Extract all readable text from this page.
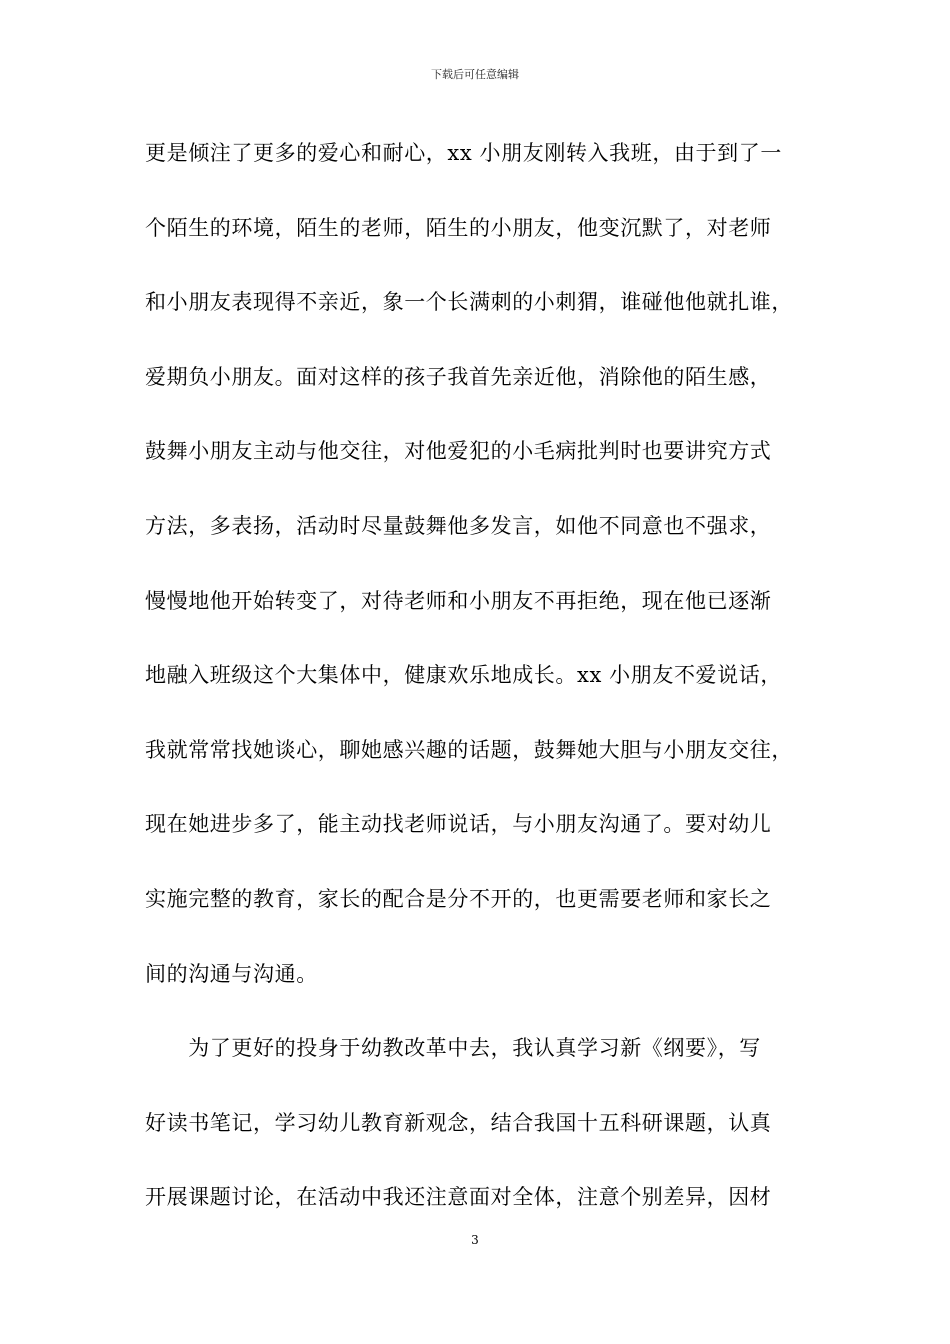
下载后可任意编辑
更是倾注了更多的爱心和耐心，xx 小朋友刚转入我班，由于到了一
个陌生的环境，陌生的老师，陌生的小朋友，他变沉默了，对老师
和小朋友表现得不亲近，象一个长满刺的小刺猬，谁碰他他就扎谁，
爱期负小朋友。面对这样的孩子我首先亲近他，消除他的陌生感，
鼓舞小朋友主动与他交往，对他爱犯的小毛病批判时也要讲究方式
方法，多表扬，活动时尽量鼓舞他多发言，如他不同意也不强求，
慢慢地他开始转变了，对待老师和小朋友不再拒绝，现在他已逐渐
地融入班级这个大集体中，健康欢乐地成长。xx 小朋友不爱说话，
我就常常找她谈心，聊她感兴趣的话题，鼓舞她大胆与小朋友交往，
现在她进步多了，能主动找老师说话，与小朋友沟通了。要对幼儿
实施完整的教育，家长的配合是分不开的，也更需要老师和家长之
间的沟通与沟通。
　　为了更好的投身于幼教改革中去，我认真学习新《纲要》，写
好读书笔记，学习幼儿教育新观念，结合我国十五科研课题，认真
开展课题讨论，在活动中我还注意面对全体，注意个别差异，因材
3
